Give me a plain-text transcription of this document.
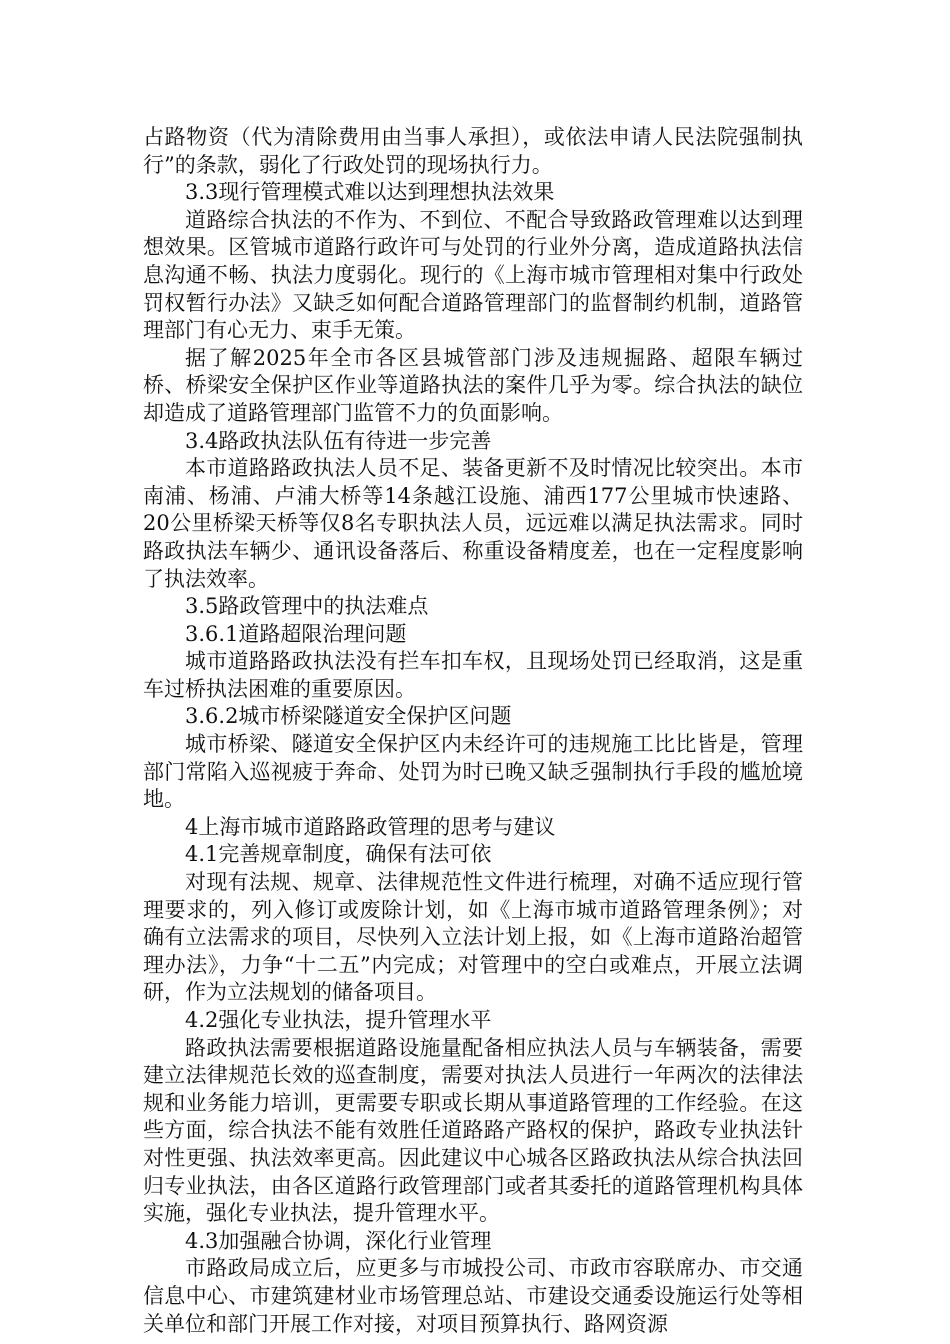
占路物资（代为清除费用由当事人承担），或依法申请人民法院强制执行”的条款，弱化了行政处罚的现场执行力。

3.3现行管理模式难以达到理想执法效果

道路综合执法的不作为、不到位、不配合导致路政管理难以达到理想效果。区管城市道路行政许可与处罚的行业外分离，造成道路执法信息沟通不畅、执法力度弱化。现行的《上海市城市管理相对集中行政处罚权暂行办法》又缺乏如何配合道路管理部门的监督制约机制，道路管理部门有心无力、束手无策。

据了解2025年全市各区县城管部门涉及违规掘路、超限车辆过桥、桥梁安全保护区作业等道路执法的案件几乎为零。综合执法的缺位却造成了道路管理部门监管不力的负面影响。

3.4路政执法队伍有待进一步完善

本市道路路政执法人员不足、装备更新不及时情况比较突出。本市南浦、杨浦、卢浦大桥等14条越江设施、浦西177公里城市快速路、20公里桥梁天桥等仅8名专职执法人员，远远难以满足执法需求。同时路政执法车辆少、通讯设备落后、称重设备精度差，也在一定程度影响了执法效率。

3.5路政管理中的执法难点

3.6.1道路超限治理问题

城市道路路政执法没有拦车扣车权，且现场处罚已经取消，这是重车过桥执法困难的重要原因。

3.6.2城市桥梁隧道安全保护区问题

城市桥梁、隧道安全保护区内未经许可的违规施工比比皆是，管理部门常陷入巡视疲于奔命、处罚为时已晚又缺乏强制执行手段的尴尬境地。

4上海市城市道路路政管理的思考与建议

4.1完善规章制度，确保有法可依

对现有法规、规章、法律规范性文件进行梳理，对确不适应现行管理要求的，列入修订或废除计划，如《上海市城市道路管理条例》；对确有立法需求的项目，尽快列入立法计划上报，如《上海市道路治超管理办法》，力争“十二五”内完成；对管理中的空白或难点，开展立法调研，作为立法规划的储备项目。

4.2强化专业执法，提升管理水平

路政执法需要根据道路设施量配备相应执法人员与车辆装备，需要建立法律规范长效的巡查制度，需要对执法人员进行一年两次的法律法规和业务能力培训，更需要专职或长期从事道路管理的工作经验。在这些方面，综合执法不能有效胜任道路路产路权的保护，路政专业执法针对性更强、执法效率更高。因此建议中心城各区路政执法从综合执法回归专业执法，由各区道路行政管理部门或者其委托的道路管理机构具体实施，强化专业执法，提升管理水平。

4.3加强融合协调，深化行业管理

市路政局成立后，应更多与市城投公司、市政市容联席办、市交通信息中心、市建筑建材业市场管理总站、市建设交通委设施运行处等相关单位和部门开展工作对接，对项目预算执行、路网资源
